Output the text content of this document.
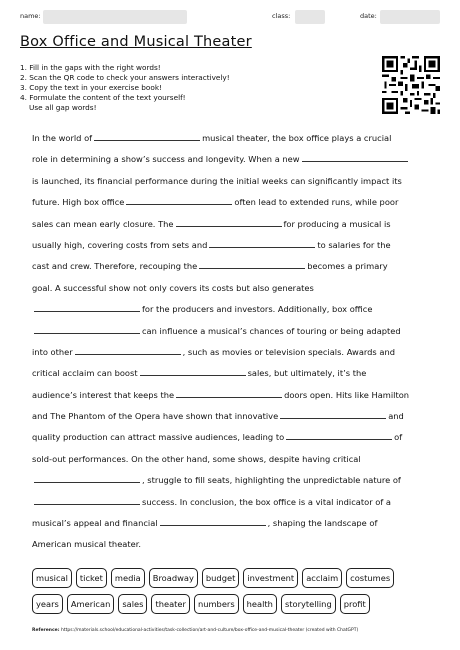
name:	class:	date:
Box Office and Musical Theater
1. Fill in the gaps with the right words!
2. Scan the QR code to check your answers interactively!
3. Copy the text in your exercise book!
4. Formulate the content of the text yourself!
Use all gap words!
In the world of	musical theater, the box office plays a crucial
role in determining a show’s success and longevity. When a new
is launched, its financial performance during the initial weeks can significantly impact its
future. High box office	often lead to extended runs, while poor
sales can mean early closure. The	for producing a musical is
usually high, covering costs from sets and	to salaries for the
cast and crew. Therefore, recouping the	becomes a primary
goal. A successful show not only covers its costs but also generates
for the producers and investors. Additionally, box office
can influence a musical’s chances of touring or being adapted
into other	, such as movies or television specials. Awards and
critical acclaim can boost	sales, but ultimately, it’s the
audience’s interest that keeps the	doors open. Hits like Hamilton
and The Phantom of the Opera have shown that innovative	and
quality production can attract massive audiences, leading to	of
sold-out performances. On the other hand, some shows, despite having critical
, struggle to fill seats, highlighting the unpredictable nature of
success. In conclusion, the box office is a vital indicator of a
musical’s appeal and financial	, shaping the landscape of
American musical theater.
musical	ticket	media	Broadway	budget	investment	acclaim	costumes
years	American	sales	theater	numbers	health	storytelling	profit
Reference: https://materials.school/educational-activities/task-collection/art-and-culture/box-office-and-musical-theater (created with ChatGPT)
